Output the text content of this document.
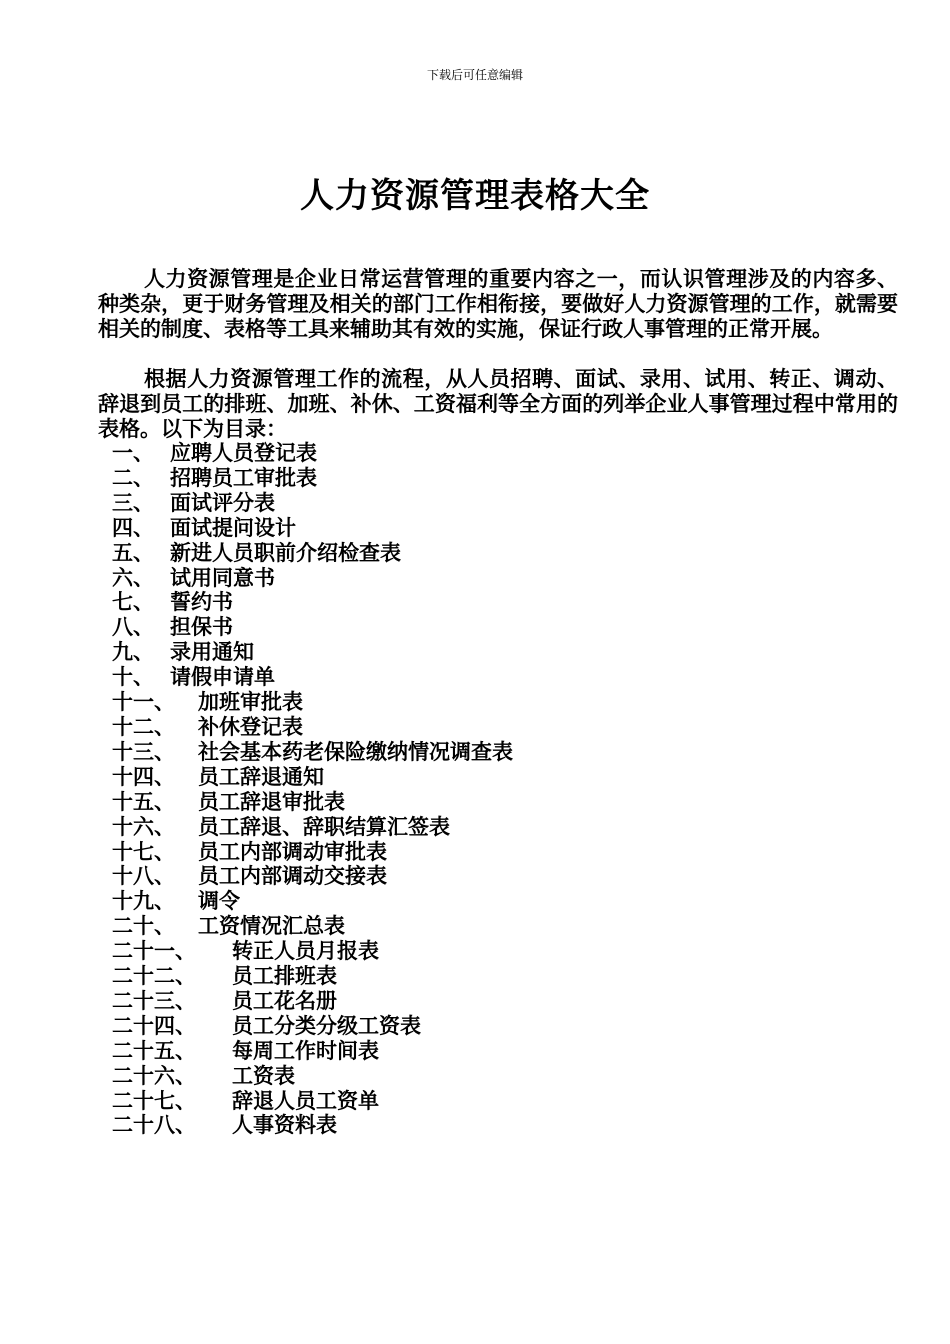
下载后可任意编辑
人力资源管理表格大全

人力资源管理是企业日常运营管理的重要内容之一，而认识管理涉及的内容多、种类杂，更于财务管理及相关的部门工作相衔接，要做好人力资源管理的工作，就需要相关的制度、表格等工具来辅助其有效的实施，保证行政人事管理的正常开展。

根据人力资源管理工作的流程，从人员招聘、面试、录用、试用、转正、调动、辞退到员工的排班、加班、补休、工资福利等全方面的列举企业人事管理过程中常用的表格。以下为目录：

一、 应聘人员登记表
二、 招聘员工审批表
三、 面试评分表
四、 面试提问设计
五、 新进人员职前介绍检查表
六、 试用同意书
七、 誓约书
八、 担保书
九、 录用通知
十、 请假申请单
十一、	加班审批表
十二、	补休登记表
十三、	社会基本药老保险缴纳情况调查表
十四、	员工辞退通知
十五、	员工辞退审批表
十六、	员工辞退、辞职结算汇签表
十七、	员工内部调动审批表
十八、	员工内部调动交接表
十九、	调令
二十、	工资情况汇总表
二十一、	转正人员月报表
二十二、	员工排班表
二十三、	员工花名册
二十四、	员工分类分级工资表
二十五、	每周工作时间表
二十六、	工资表
二十七、	辞退人员工资单
二十八、	人事资料表
